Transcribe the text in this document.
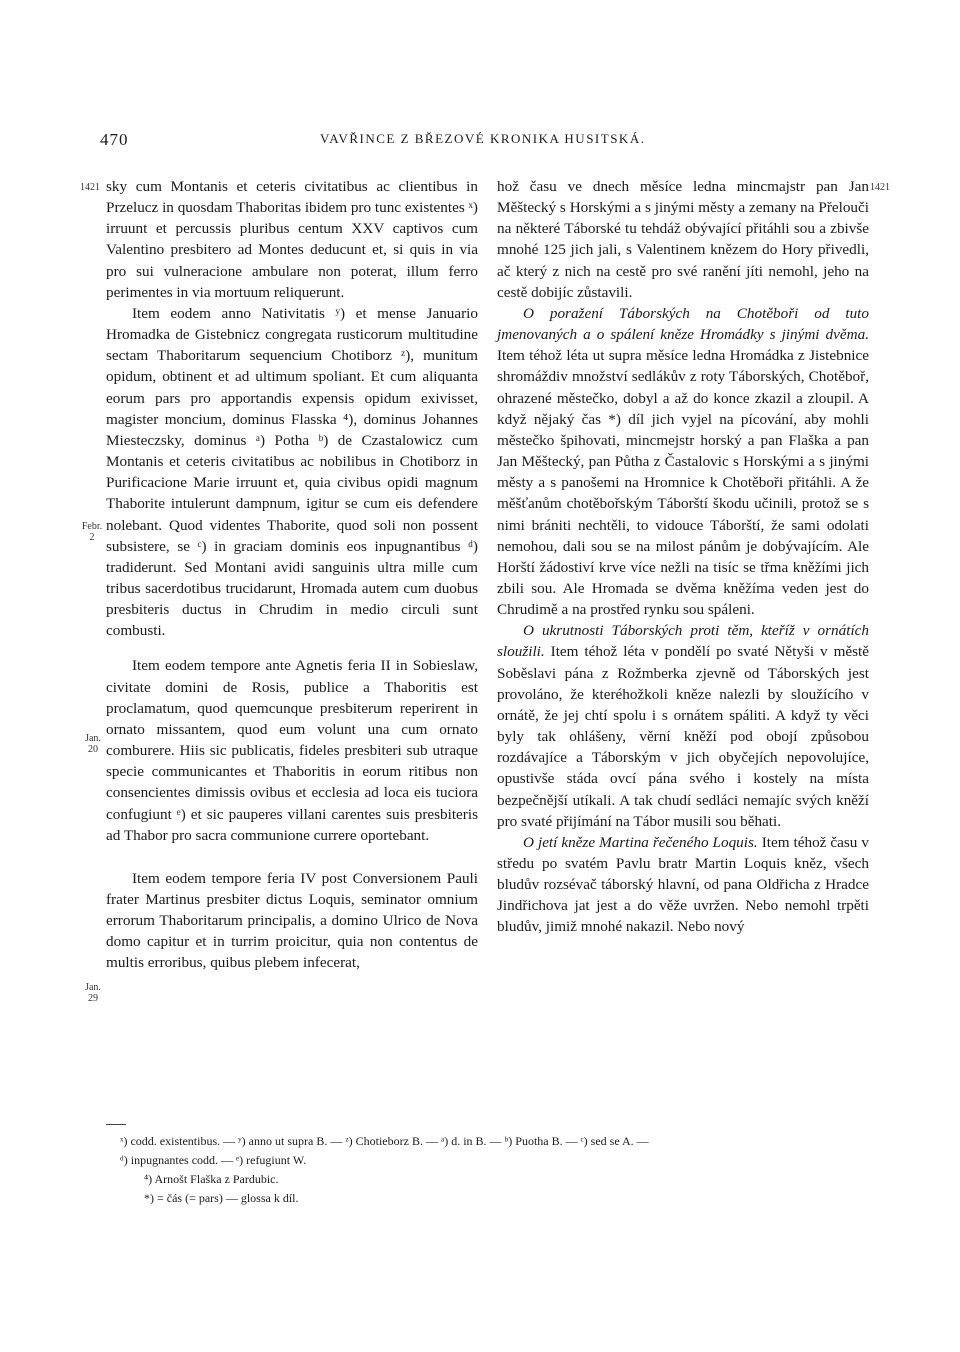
470	VAVŘINCE Z BŘEZOVÉ KRONIKA HUSITSKÁ.
1421	1421
Febr. 2
Jan. 20
Jan. 29

sky cum Montanis et ceteris civitatibus ac clientibus in Przelucz in quosdam Thaboritas ibidem pro tunc existentes ˣ) irruunt et percussis pluribus centum XXV captivos cum Valentino presbitero ad Montes deducunt et, si quis in via pro sui vulneracione ambulare non poterat, illum ferro perimentes in via mortuum reliquerunt.

Item eodem anno Nativitatis ʸ) et mense Januario Hromadka de Gistebnicz congregata rusticorum multitudine sectam Thaboritarum sequencium Chotiborz ᶻ), munitum opidum, obtinent et ad ultimum spoliant. Et cum aliquanta eorum pars pro apportandis expensis opidum exivisset, magister moncium, dominus Flasska ⁴), dominus Johannes Miesteczsky, dominus ᵃ) Potha ᵇ) de Czastalowicz cum Montanis et ceteris civitatibus ac nobilibus in Chotiborz in Purificacione Marie irruunt et, quia civibus opidi magnum Thaborite intulerunt dampnum, igitur se cum eis defendere nolebant. Quod videntes Thaborite, quod soli non possent subsistere, se ᶜ) in graciam dominis eos inpugnantibus ᵈ) tradiderunt. Sed Montani avidi sanguinis ultra mille cum tribus sacerdotibus trucidarunt, Hromada autem cum duobus presbiteris ductus in Chrudim in medio circuli sunt combusti.

Item eodem tempore ante Agnetis feria II in Sobieslaw, civitate domini de Rosis, publice a Thaboritis est proclamatum, quod quemcunque presbiterum reperirent in ornato missantem, quod eum volunt una cum ornato comburere. Hiis sic publicatis, fideles presbiteri sub utraque specie communicantes et Thaboritis in eorum ritibus non consencientes dimissis ovibus et ecclesia ad loca eis tuciora confugiunt ᵉ) et sic pauperes villani carentes suis presbiteris ad Thabor pro sacra communione currere oportebant.

Item eodem tempore feria IV post Conversionem Pauli frater Martinus presbiter dictus Loquis, seminator omnium errorum Thaboritarum principalis, a domino Ulrico de Nova domo capitur et in turrim proicitur, quia non contentus de multis erroribus, quibus plebem infecerat,

hož času ve dnech měsíce ledna mincmajstr pan Jan Měštecký s Horskými a s jinými městy a zemany na Přelouči na některé Táborské tu tehdáž obývající přitáhli sou a zbivše mnohé 125 jich jali, s Valentinem knězem do Hory přivedli, ač který z nich na cestě pro své ranění jíti nemohl, jeho na cestě dobijíc zůstavili.

O poražení Táborských na Chotěboři od tuto jmenovaných a o spálení kněze Hromádky s jinými dvěma. Item téhož léta ut supra měsíce ledna Hromádka z Jistebnice shromáždiv množství sedlákův z roty Táborských, Chotěboř, ohrazené městečko, dobyl a až do konce zkazil a zloupil. A když nějaký čas *) díl jich vyjel na pícování, aby mohli městečko špihovati, mincmejstr horský a pan Flaška a pan Jan Měštecký, pan Půtha z Častalovic s Horskými a s jinými městy a s panošemi na Hromnice k Chotěboři přitáhli. A že měšťanům chotěbořským Táborští škodu učinili, protož se s nimi brániti nechtěli, to vidouce Táborští, že sami odolati nemohou, dali sou se na milost pánům je dobývajícím. Ale Horští žádostiví krve více nežli na tisíc se třma kněžími jich zbili sou. Ale Hromada se dvěma kněžíma veden jest do Chrudimě a na prostřed rynku sou spáleni.

O ukrutnosti Táborských proti těm, kteříž v ornátích sloužili. Item téhož léta v pondělí po svaté Nětyši v městě Soběslavi pána z Rožmberka zjevně od Táborských jest provoláno, že kteréhožkoli kněze nalezli by sloužícího v ornátě, že jej chtí spolu i s ornátem spáliti. A když ty věci byly tak ohlášeny, věrní kněží pod obojí způsobou rozdávajíce a Táborským v jich obyčejích nepovolujíce, opustivše stáda ovcí pána svého i kostely na místa bezpečnější utíkali. A tak chudí sedláci nemajíc svých kněží pro svaté přijímání na Tábor musili sou běhati.

O jetí kněze Martina řečeného Loquis. Item téhož času v středu po svatém Pavlu bratr Martin Loquis kněz, všech bludův rozsévač táborský hlavní, od pana Oldřicha z Hradce Jindřichova jat jest a do věže uvržen. Nebo nemohl trpěti bludův, jimiž mnohé nakazil. Nebo nový

ˣ) codd. existentibus. — ʸ) anno ut supra B. — ᶻ) Chotieborz B. — ᵃ) d. in B. — ᵇ) Puotha B. — ᶜ) sed se A. —
ᵈ) inpugnantes codd. — ᵉ) refugiunt W.
⁴) Arnošt Flaška z Pardubic.
*) = čás (= pars) — glossa k díl.
